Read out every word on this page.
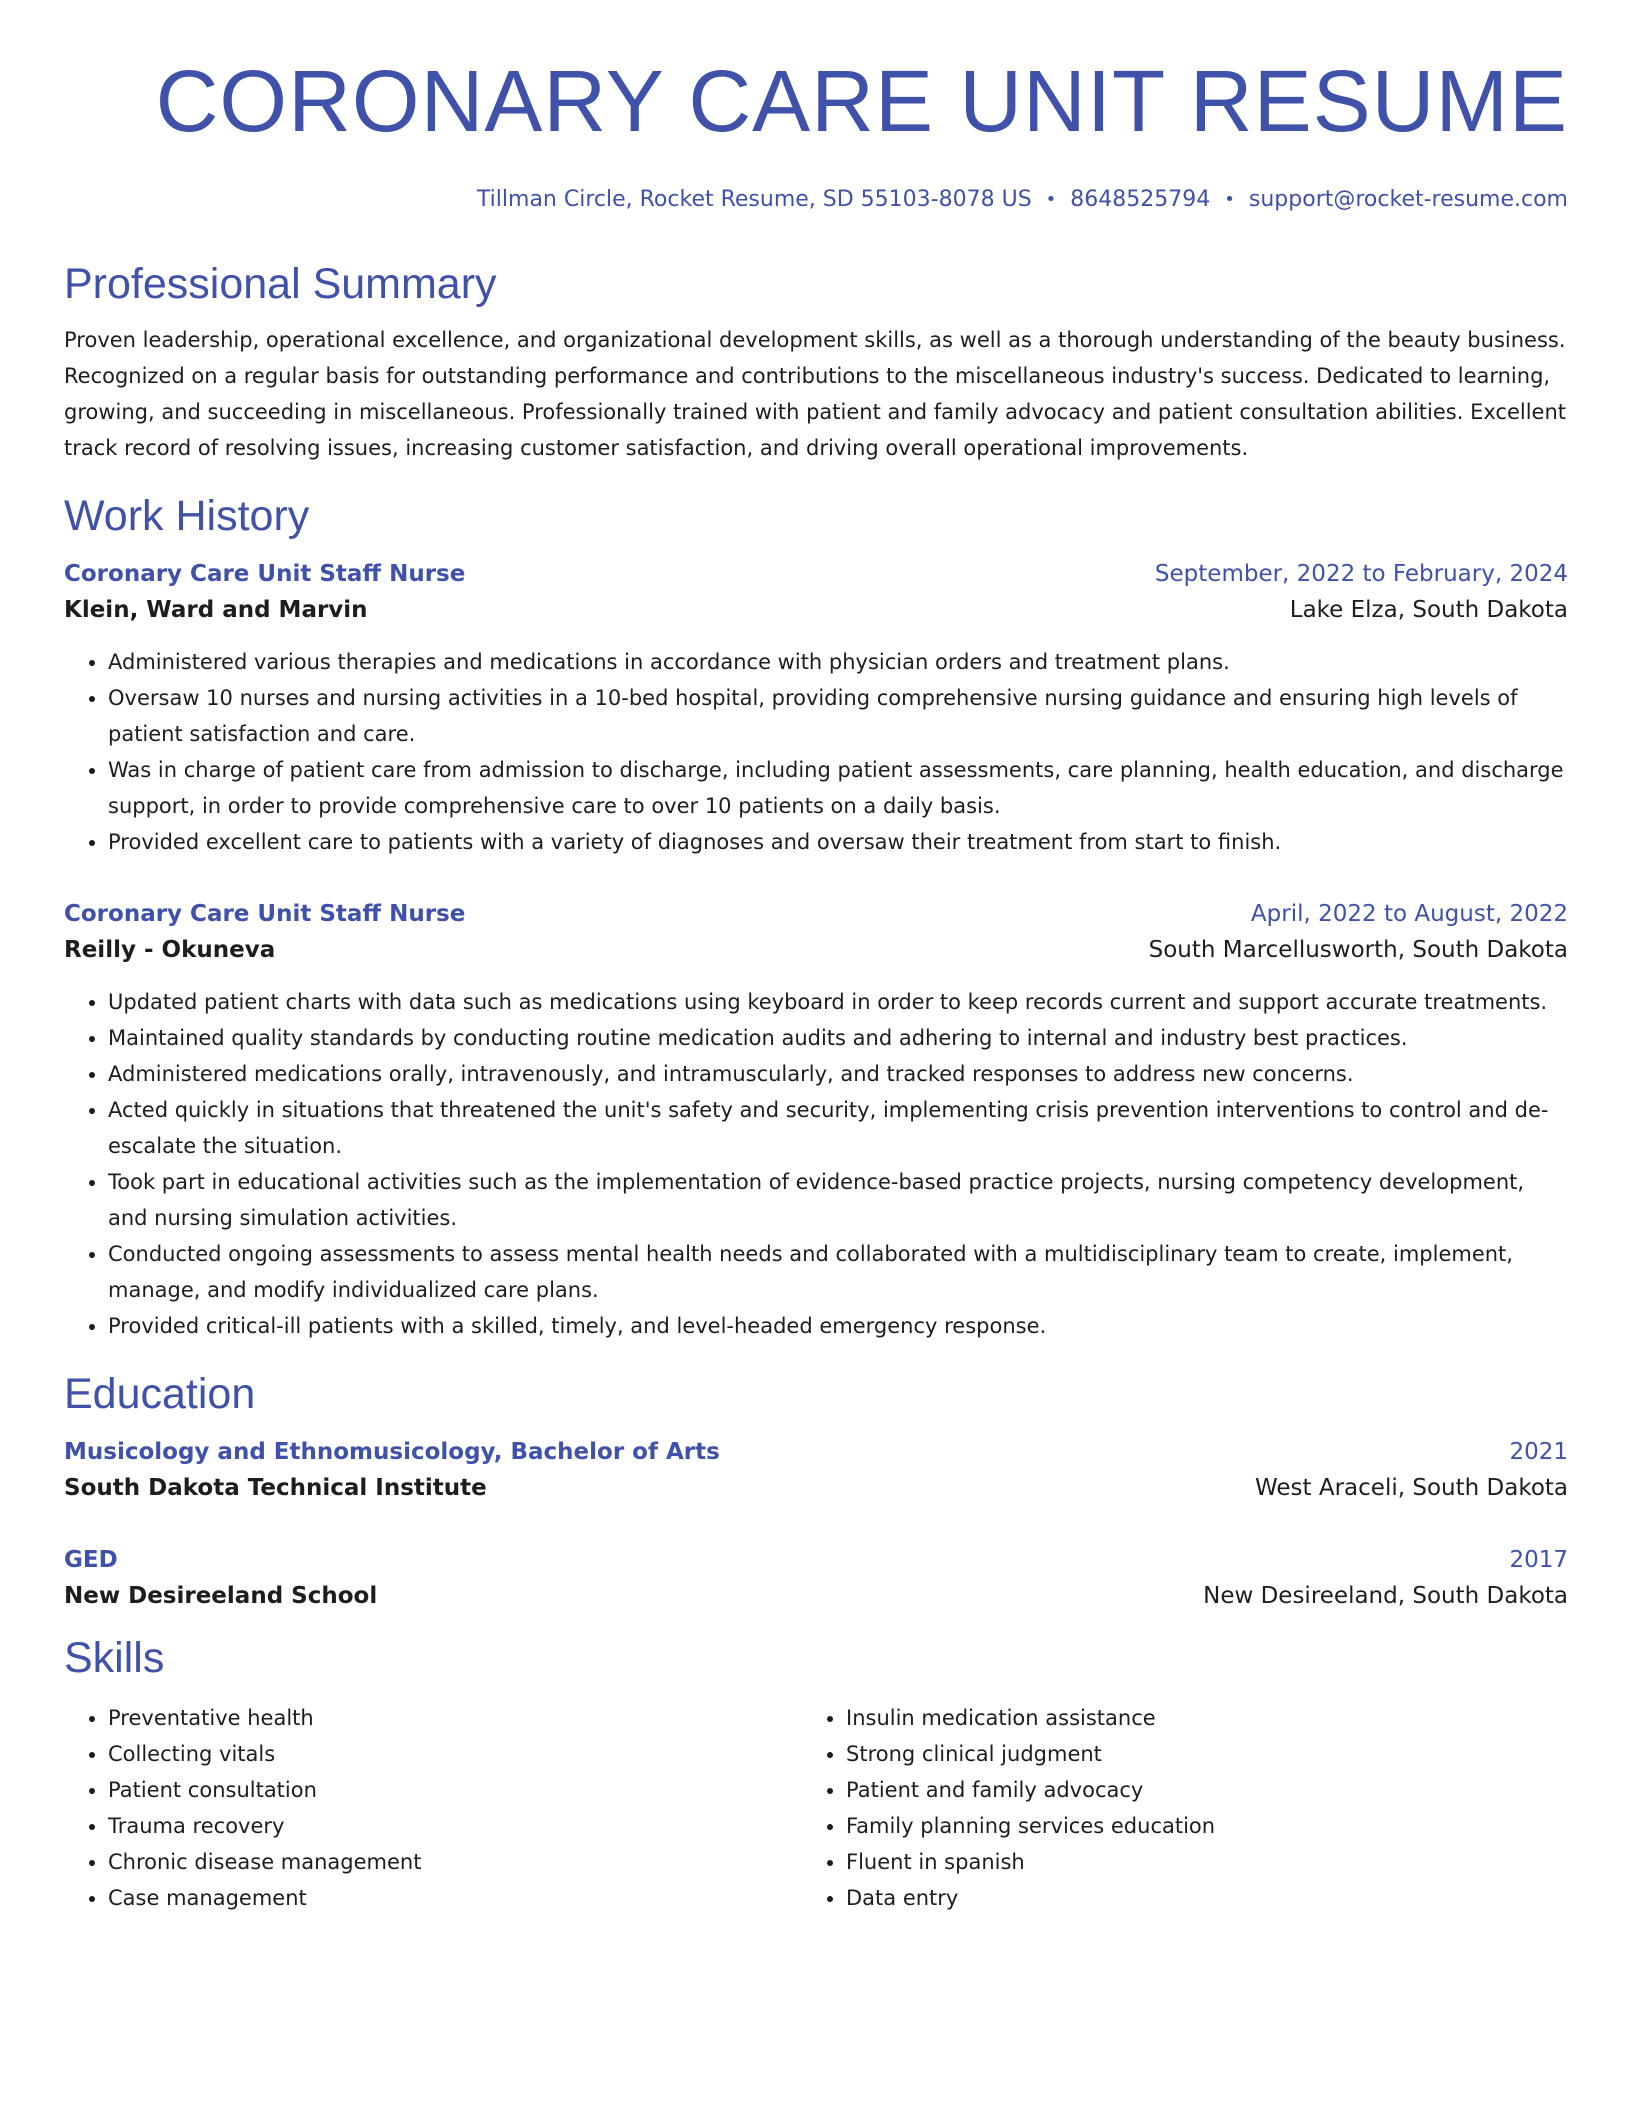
CORONARY CARE UNIT RESUME
Tillman Circle, Rocket Resume, SD 55103-8078 US • 8648525794 • support@rocket-resume.com
Professional Summary

Proven leadership, operational excellence, and organizational development skills, as well as a thorough understanding of the beauty business. Recognized on a regular basis for outstanding performance and contributions to the miscellaneous industry's success. Dedicated to learning, growing, and succeeding in miscellaneous. Professionally trained with patient and family advocacy and patient consultation abilities. Excellent track record of resolving issues, increasing customer satisfaction, and driving overall operational improvements.

Work History
Coronary Care Unit Staff Nurse	September, 2022 to February, 2024
Klein, Ward and Marvin	Lake Elza, South Dakota
• Administered various therapies and medications in accordance with physician orders and treatment plans.
• Oversaw 10 nurses and nursing activities in a 10-bed hospital, providing comprehensive nursing guidance and ensuring high levels of patient satisfaction and care.
• Was in charge of patient care from admission to discharge, including patient assessments, care planning, health education, and discharge support, in order to provide comprehensive care to over 10 patients on a daily basis.
• Provided excellent care to patients with a variety of diagnoses and oversaw their treatment from start to finish.
Coronary Care Unit Staff Nurse	April, 2022 to August, 2022
Reilly - Okuneva	South Marcellusworth, South Dakota
• Updated patient charts with data such as medications using keyboard in order to keep records current and support accurate treatments.
• Maintained quality standards by conducting routine medication audits and adhering to internal and industry best practices.
• Administered medications orally, intravenously, and intramuscularly, and tracked responses to address new concerns.
• Acted quickly in situations that threatened the unit's safety and security, implementing crisis prevention interventions to control and de-escalate the situation.
• Took part in educational activities such as the implementation of evidence-based practice projects, nursing competency development, and nursing simulation activities.
• Conducted ongoing assessments to assess mental health needs and collaborated with a multidisciplinary team to create, implement, manage, and modify individualized care plans.
• Provided critical-ill patients with a skilled, timely, and level-headed emergency response.
Education
Musicology and Ethnomusicology, Bachelor of Arts	2021
South Dakota Technical Institute	West Araceli, South Dakota
GED	2017
New Desireeland School	New Desireeland, South Dakota
Skills
• Preventative health
• Collecting vitals
• Patient consultation
• Trauma recovery
• Chronic disease management
• Case management
• Insulin medication assistance
• Strong clinical judgment
• Patient and family advocacy
• Family planning services education
• Fluent in spanish
• Data entry
